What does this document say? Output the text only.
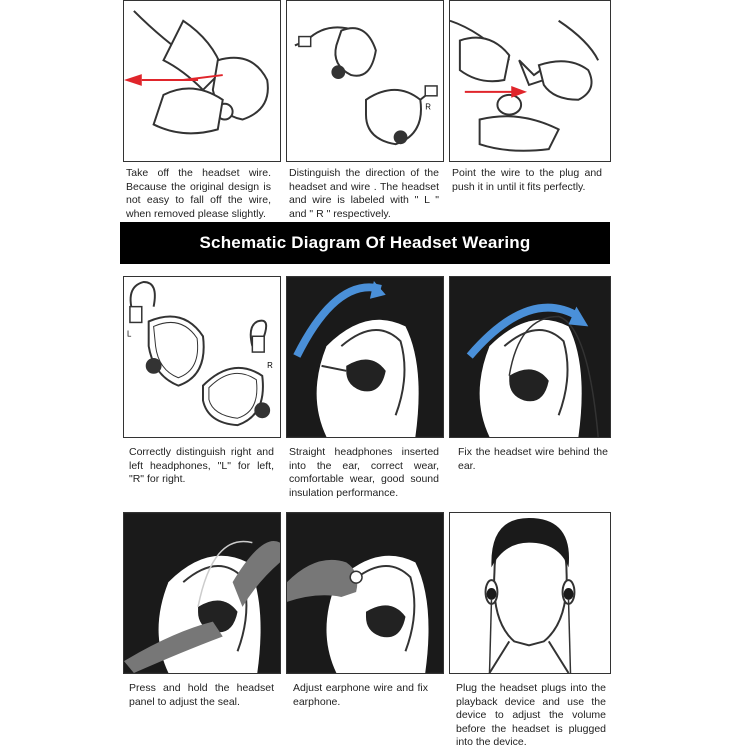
R
Take off the headset wire. Because the original design is not easy to fall off the wire, when removed please slightly.
Distinguish the direction of the headset and wire . The headset and wire is labeled with " L " and " R " respectively.
Point the wire to the plug and push it in until it fits perfectly.
Schematic Diagram Of Headset Wearing
L
R
Correctly distinguish right and left headphones, "L" for left, "R" for right.
Straight headphones inserted into the ear, correct wear, comfortable wear, good sound insulation performance.
Fix the headset wire behind the ear.
Press and hold the headset panel to adjust the seal.
Adjust earphone wire and fix earphone.
Plug the headset plugs into the playback device and use the device to adjust the volume before the headset is plugged into the device.
